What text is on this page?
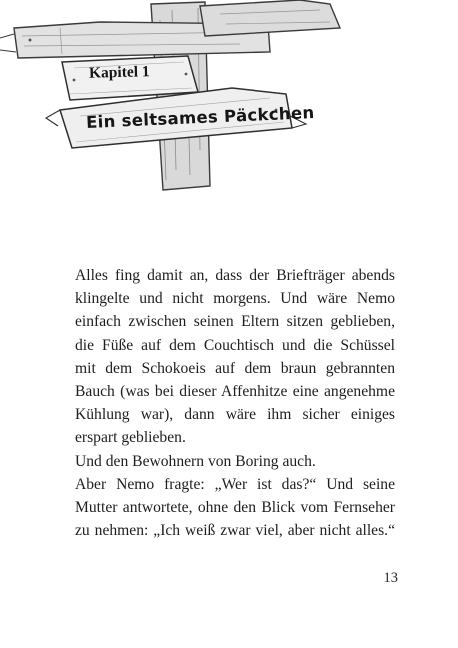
Kapitel 1
Ein seltsames Päckchen
Alles fing damit an, dass der Briefträger abends
klingelte und nicht morgens. Und wäre Nemo
einfach zwischen seinen Eltern sitzen geblieben,
die Füße auf dem Couchtisch und die Schüssel
mit dem Schokoeis auf dem braun gebrannten
Bauch (was bei dieser Affenhitze eine angenehme
Kühlung war), dann wäre ihm sicher einiges
erspart geblieben.
Und den Bewohnern von Boring auch.
Aber Nemo fragte: „Wer ist das?“ Und seine
Mutter antwortete, ohne den Blick vom Fernseher
zu nehmen: „Ich weiß zwar viel, aber nicht alles.“
13
